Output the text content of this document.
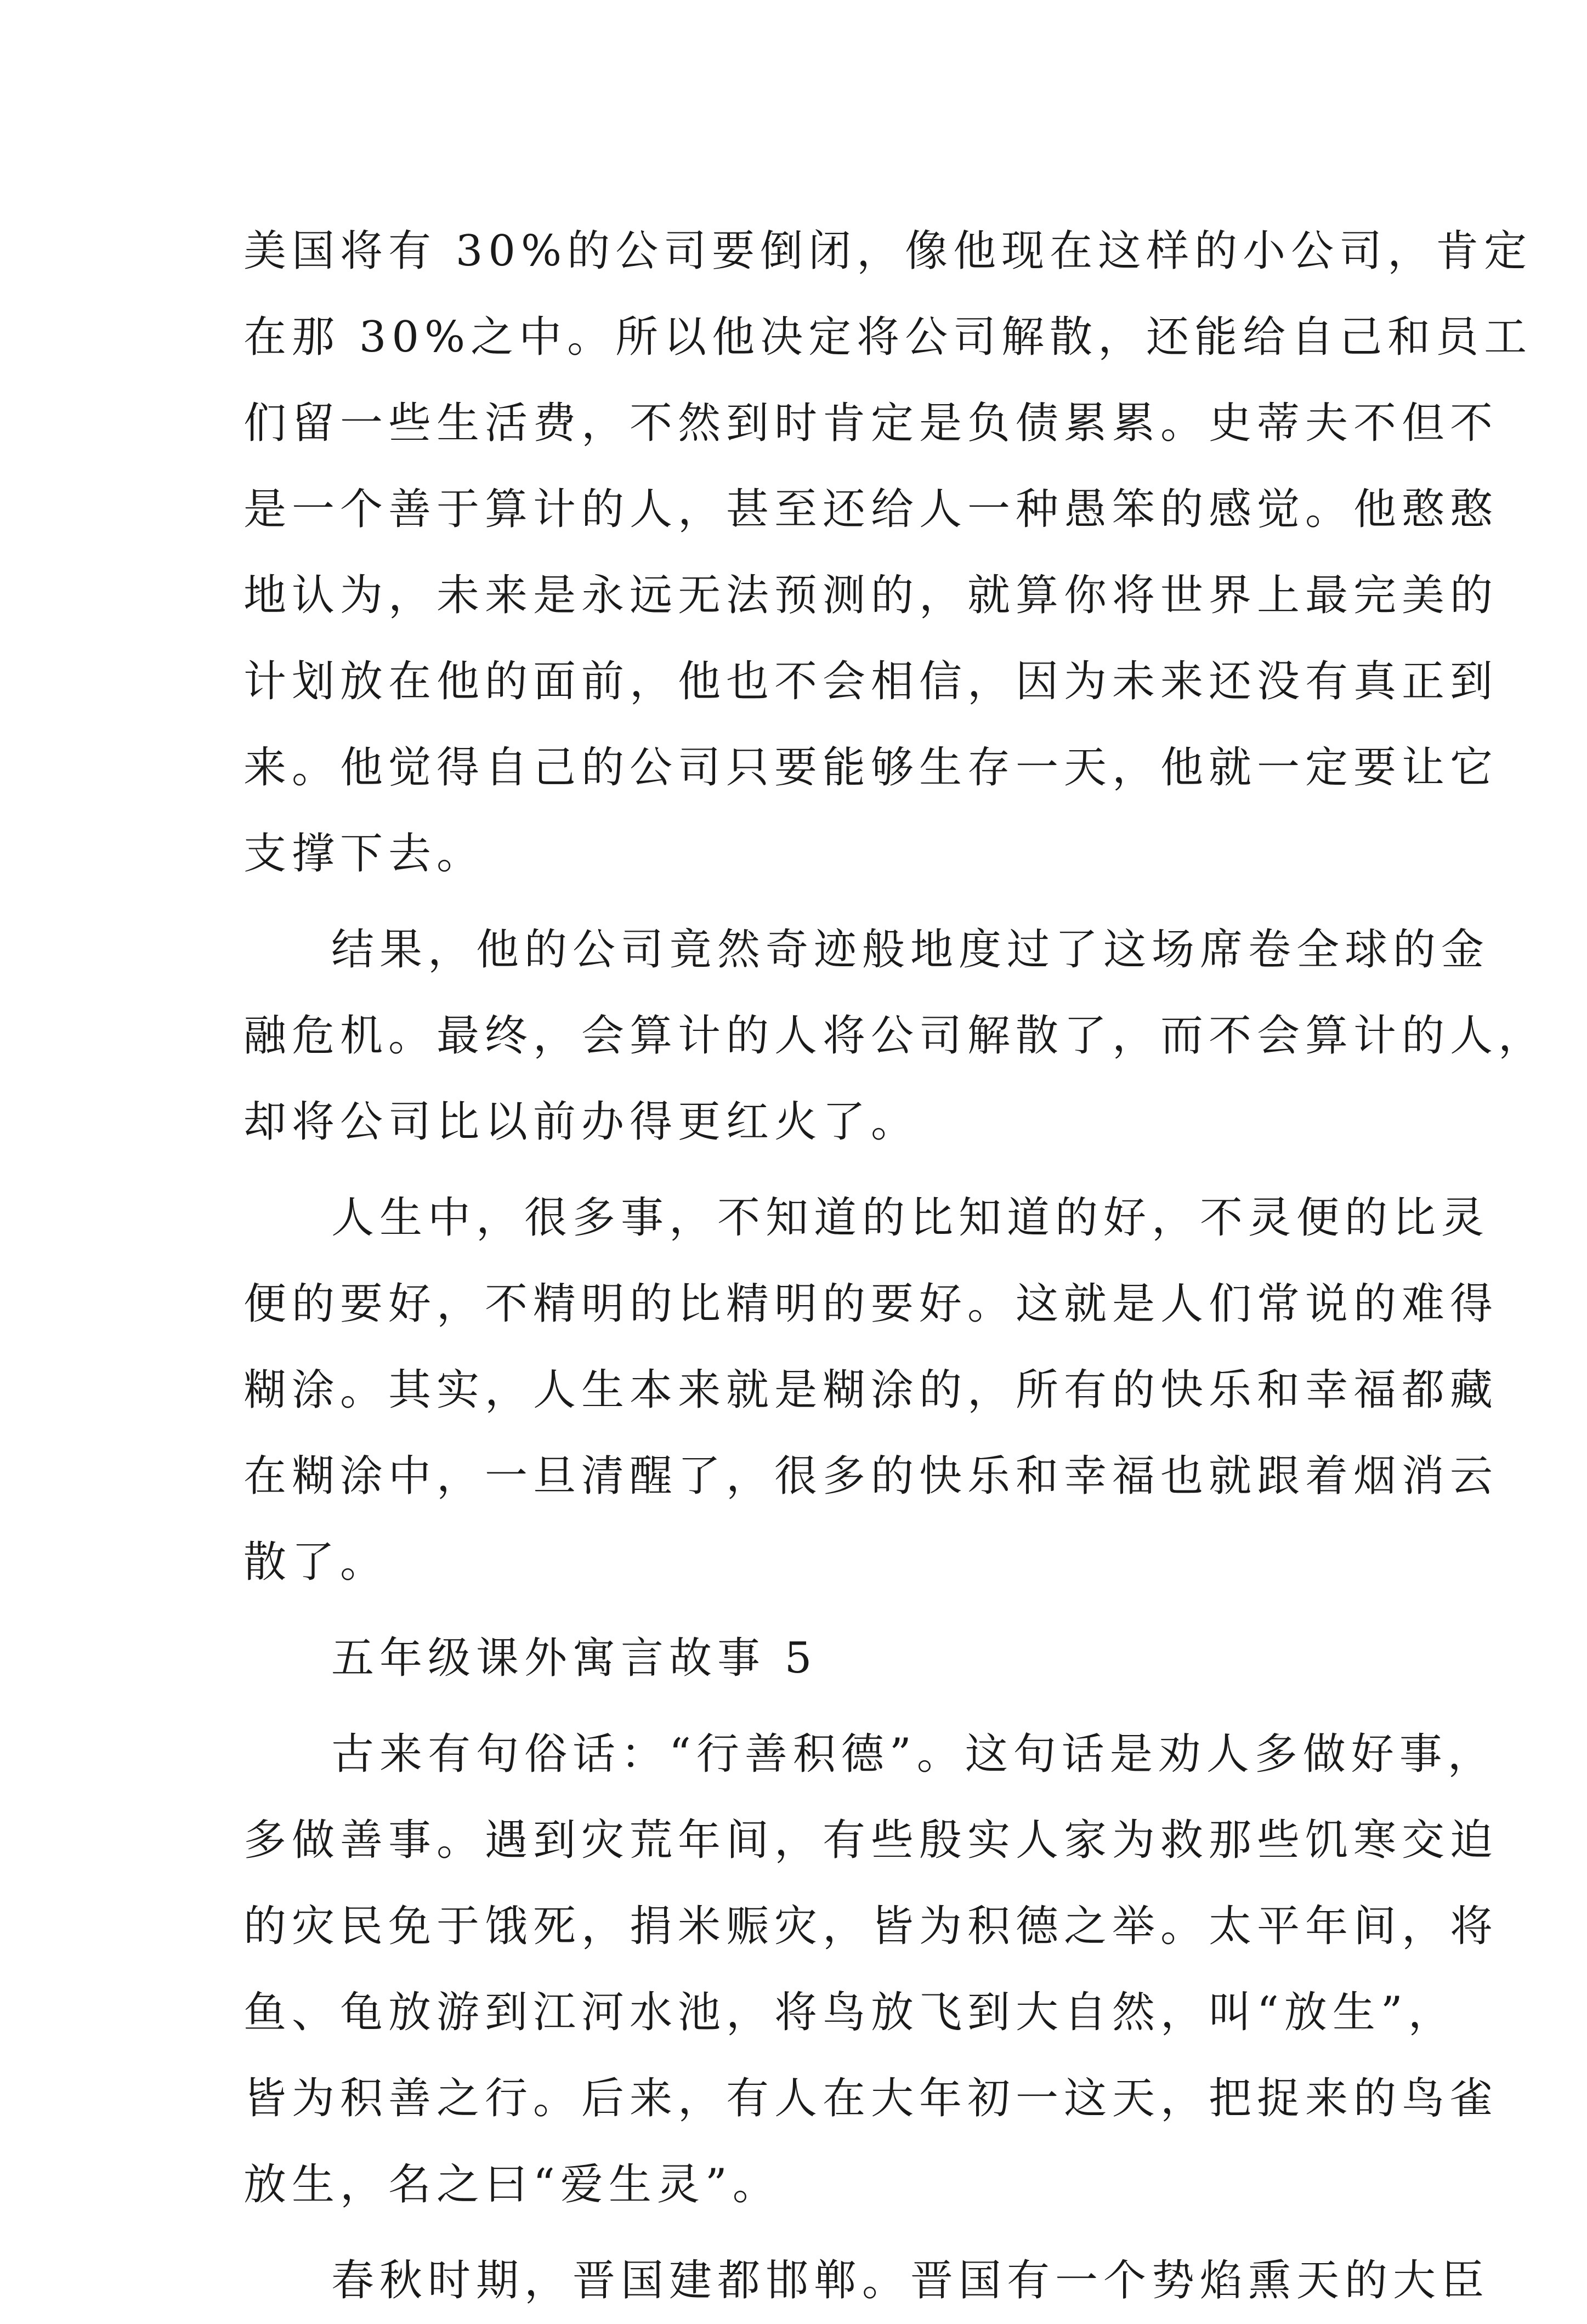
美国将有 30%的公司要倒闭，像他现在这样的小公司，肯定
在那 30%之中。所以他决定将公司解散，还能给自己和员工
们留一些生活费，不然到时肯定是负债累累。史蒂夫不但不
是一个善于算计的人，甚至还给人一种愚笨的感觉。他憨憨
地认为，未来是永远无法预测的，就算你将世界上最完美的
计划放在他的面前，他也不会相信，因为未来还没有真正到
来。他觉得自己的公司只要能够生存一天，他就一定要让它
支撑下去。
结果，他的公司竟然奇迹般地度过了这场席卷全球的金
融危机。最终，会算计的人将公司解散了，而不会算计的人，
却将公司比以前办得更红火了。
人生中，很多事，不知道的比知道的好，不灵便的比灵
便的要好，不精明的比精明的要好。这就是人们常说的难得
糊涂。其实，人生本来就是糊涂的，所有的快乐和幸福都藏
在糊涂中，一旦清醒了，很多的快乐和幸福也就跟着烟消云
散了。
五年级课外寓言故事 5
古来有句俗话：“行善积德”。这句话是劝人多做好事，
多做善事。遇到灾荒年间，有些殷实人家为救那些饥寒交迫
的灾民免于饿死，捐米赈灾，皆为积德之举。太平年间，将
鱼、龟放游到江河水池，将鸟放飞到大自然，叫“放生”，
皆为积善之行。后来，有人在大年初一这天，把捉来的鸟雀
放生，名之曰“爱生灵”。
春秋时期，晋国建都邯郸。晋国有一个势焰熏天的大臣
